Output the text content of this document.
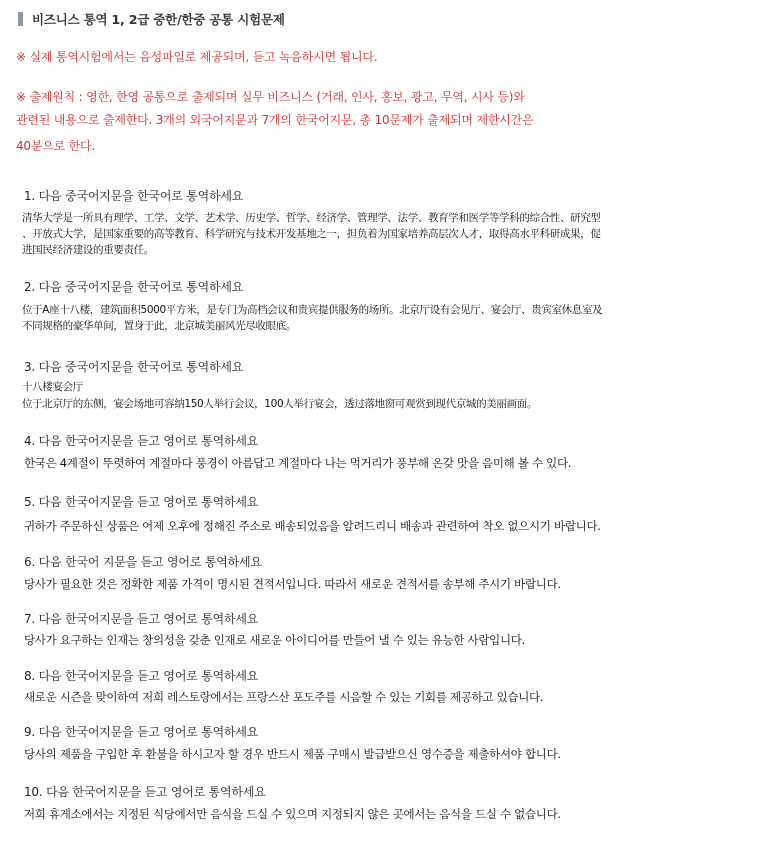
비즈니스 통역 1, 2급 중한/한중 공통 시험문제
※ 실제 통역시험에서는 음성파일로 제공되며, 듣고 녹음하시면 됩니다.
※ 출제원칙 : 영한, 한영 공통으로 출제되며 실무 비즈니스 (거래, 인사, 홍보, 광고, 무역, 시사 등)와
관련된 내용으로 출제한다. 3개의 외국어지문과 7개의 한국어지문, 총 10문제가 출제되며 제한시간은
40분으로 한다.
1. 다음 중국어지문을 한국어로 통역하세요
清华大学是一所具有理学、工学、文学、艺术学、历史学、哲学、经济学、管理学、法学、教育学和医学等学科的综合性、研究型
、开放式大学，是国家重要的高等教育、科学研究与技术开发基地之一，担负着为国家培养高层次人才，取得高水平科研成果，促
进国民经济建设的重要责任。
2. 다음 중국어지문을 한국어로 통역하세요
位于A座十八楼，建筑面积5000平方米，是专门为高档会议和贵宾提供服务的场所。北京厅设有会见厅、宴会厅、贵宾室休息室及
不同规格的豪华单间，置身于此，北京城美丽风光尽收眼底。
3. 다음 중국어지문을 한국어로 통역하세요
十八楼宴会厅
位于北京厅的东侧，宴会场地可容纳150人举行会议，100人举行宴会，透过落地窗可观赏到现代京城的美丽画面。
4. 다음 한국어지문을 듣고 영어로 통역하세요
한국은 4계절이 뚜렷하여 계절마다 풍경이 아름답고 계절마다 나는 먹거리가 풍부해 온갖 맛을 음미해 볼 수 있다.
5. 다음 한국어지문을 듣고 영어로 통역하세요
귀하가 주문하신 상품은 어제 오후에 정해진 주소로 배송되었음을 알려드리니 배송과 관련하여 착오 없으시기 바랍니다.
6. 다음 한국어 지문을 듣고 영어로 통역하세요
당사가 필요한 것은 정확한 제품 가격이 명시된 견적서입니다. 따라서 새로운 견적서를 송부해 주시기 바랍니다.
7. 다음 한국어지문을 듣고 영어로 통역하세요
당사가 요구하는 인재는 창의성을 갖춘 인재로 새로운 아이디어를 만들어 낼 수 있는 유능한 사람입니다.
8. 다음 한국어지문을 듣고 영어로 통역하세요
새로운 시즌을 맞이하여 저희 레스토랑에서는 프랑스산 포도주를 시음할 수 있는 기회를 제공하고 있습니다.
9. 다음 한국어지문을 듣고 영어로 통역하세요
당사의 제품을 구입한 후 환불을 하시고자 할 경우 반드시 제품 구매시 발급받으신 영수증을 제출하셔야 합니다.
10. 다음 한국어지문을 듣고 영어로 통역하세요
저희 휴게소에서는 지정된 식당에서만 음식을 드실 수 있으며 지정되지 않은 곳에서는 음식을 드실 수 없습니다.
